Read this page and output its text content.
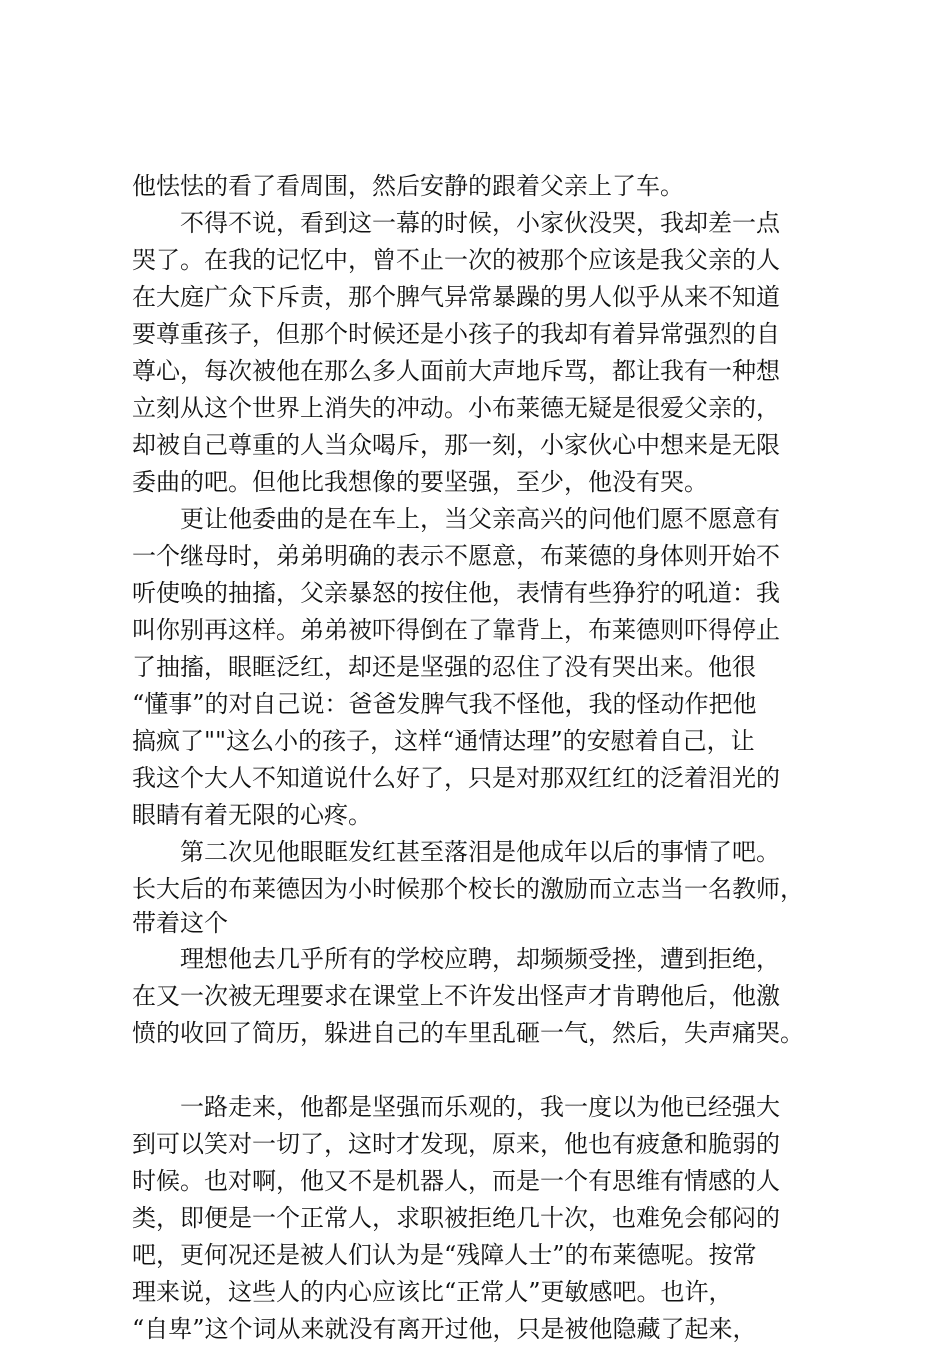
他怯怯的看了看周围，然后安静的跟着父亲上了车。
不得不说，看到这一幕的时候，小家伙没哭，我却差一点
哭了。在我的记忆中，曾不止一次的被那个应该是我父亲的人
在大庭广众下斥责，那个脾气异常暴躁的男人似乎从来不知道
要尊重孩子，但那个时候还是小孩子的我却有着异常强烈的自
尊心，每次被他在那么多人面前大声地斥骂，都让我有一种想
立刻从这个世界上消失的冲动。小布莱德无疑是很爱父亲的，
却被自己尊重的人当众喝斥，那一刻，小家伙心中想来是无限
委曲的吧。但他比我想像的要坚强，至少，他没有哭。
更让他委曲的是在车上，当父亲高兴的问他们愿不愿意有
一个继母时，弟弟明确的表示不愿意，布莱德的身体则开始不
听使唤的抽搐，父亲暴怒的按住他，表情有些狰狞的吼道：我
叫你别再这样。弟弟被吓得倒在了靠背上，布莱德则吓得停止
了抽搐，眼眶泛红，却还是坚强的忍住了没有哭出来。他很
“懂事”的对自己说：爸爸发脾气我不怪他，我的怪动作把他
搞疯了""这么小的孩子，这样“通情达理”的安慰着自己，让
我这个大人不知道说什么好了，只是对那双红红的泛着泪光的
眼睛有着无限的心疼。
第二次见他眼眶发红甚至落泪是他成年以后的事情了吧。
长大后的布莱德因为小时候那个校长的激励而立志当一名教师，
带着这个
理想他去几乎所有的学校应聘，却频频受挫，遭到拒绝，
在又一次被无理要求在课堂上不许发出怪声才肯聘他后，他激
愤的收回了简历，躲进自己的车里乱砸一气，然后，失声痛哭。
一路走来，他都是坚强而乐观的，我一度以为他已经强大
到可以笑对一切了，这时才发现，原来，他也有疲惫和脆弱的
时候。也对啊，他又不是机器人，而是一个有思维有情感的人
类，即便是一个正常人，求职被拒绝几十次，也难免会郁闷的
吧，更何况还是被人们认为是“残障人士”的布莱德呢。按常
理来说，这些人的内心应该比“正常人”更敏感吧。也许，
“自卑”这个词从来就没有离开过他，只是被他隐藏了起来，
